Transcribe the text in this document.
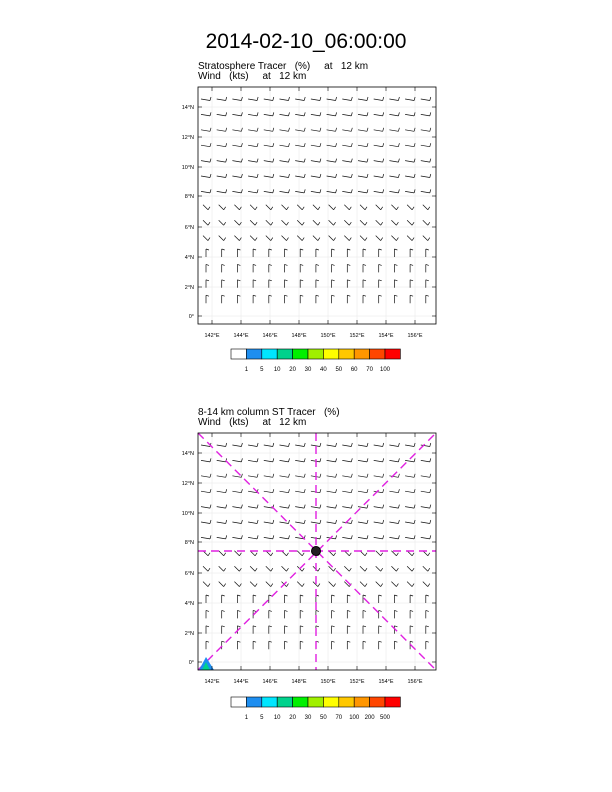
2014-02-10_06:00:00
Stratosphere Tracer   (%)     at   12 km
Wind   (kts)     at   12 km
8-14 km column ST Tracer   (%)
Wind   (kts)     at   12 km
142°E	144°E	146°E	148°E	150°E	152°E	154°E	156°E
0°
2°N
4°N
6°N
8°N
10°N
12°N
14°N
1 5 10 20 30 40 50 60 70 100
142°E	144°E	146°E	148°E	150°E	152°E	154°E	156°E
0°
2°N
4°N
6°N
8°N
10°N
12°N
14°N
1 5 10 20 30 50 70 100 200 500
